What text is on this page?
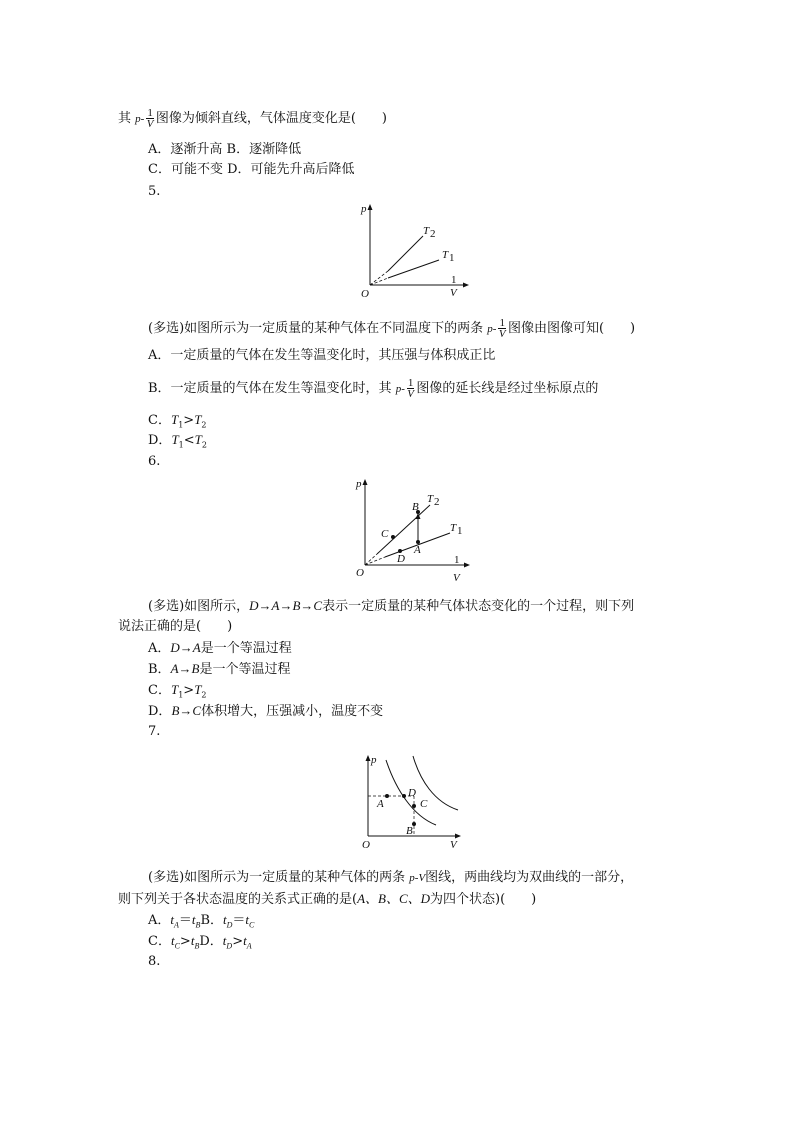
其 $p- \frac{1}{V}$ 图像为倾斜直线，气体温度变化是(　　)
A．逐渐升高 B．逐渐降低
C．可能不变 D．可能先升高后降低
5.
p
O
1
V
T 2
T 1
(多选)如图所示为一定质量的某种气体在不同温度下的两条 $p- \frac{1}{V}$ 图像由图像可知(　　)
A．一定质量的气体在发生等温变化时，其压强与体积成正比
B．一定质量的气体在发生等温变化时，其 $p- \frac{1}{V}$ 图像的延长线是经过坐标原点的
C．$T_1>T_2$
D．$T_1<T_2$
6.
p
O
1
V
T 2
T 1
B
A
C
D
(多选)如图所示，D→A→B→C表示一定质量的某种气体状态变化的一个过程，则下列
说法正确的是(　　)
A．D→A是一个等温过程
B．A→B是一个等温过程
C．$T_1>T_2$
D．B→C体积增大，压强减小，温度不变
7.
p
O	V
A
D
C
B
(多选)如图所示为一定质量的某种气体的两条 p-V图线，两曲线均为双曲线的一部分，
则下列关于各状态温度的关系式正确的是(A、B、C、D为四个状态)(　　)
A．$t_A=t_BB$．$t_D=t_C$
C．$t_C>t_BD$．$t_D>t_A$
8.
